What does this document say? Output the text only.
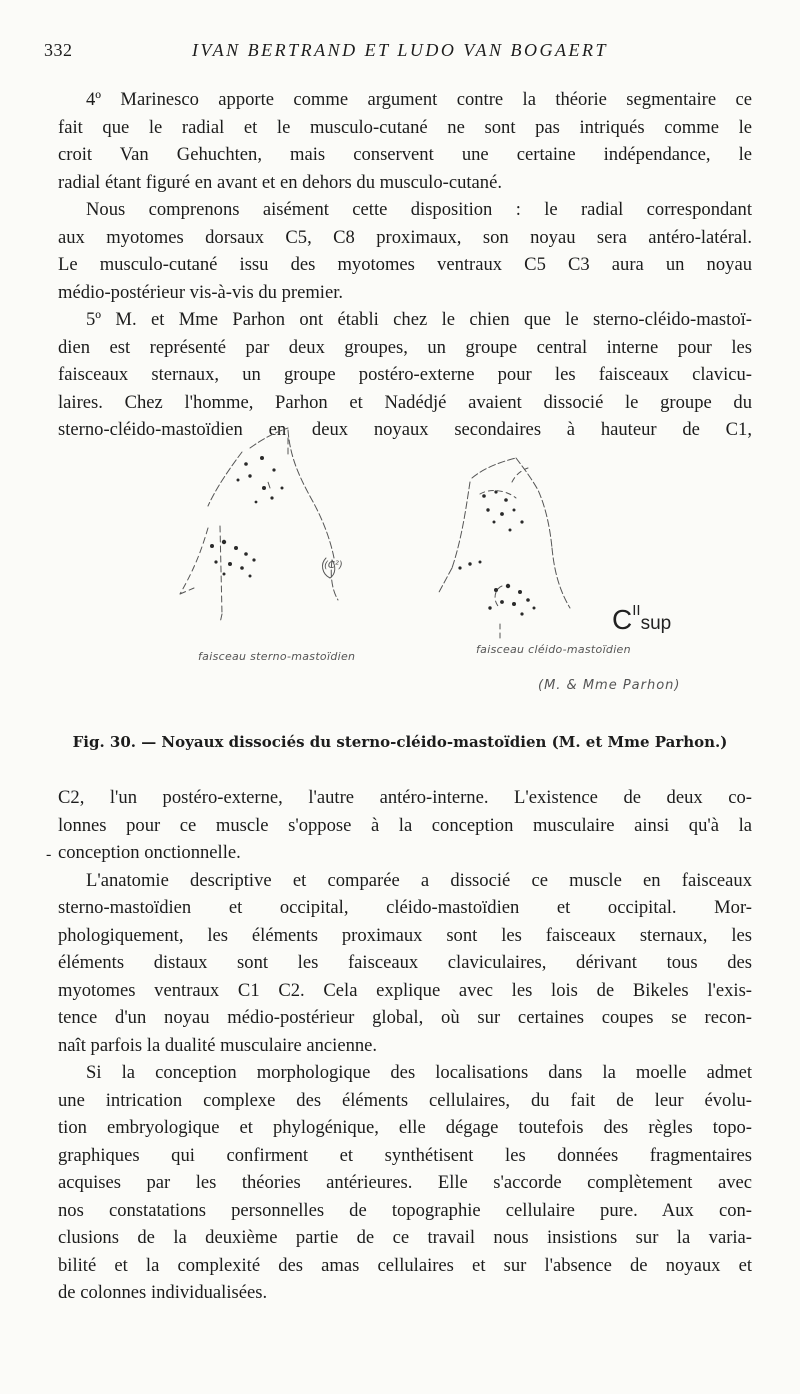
332	IVAN BERTRAND ET LUDO VAN BOGAERT
4º Marinesco apporte comme argument contre la théorie segmentaire ce
fait que le radial et le musculo-cutané ne sont pas intriqués comme le
croit Van Gehuchten, mais conservent une certaine indépendance, le
radial étant figuré en avant et en dehors du musculo-cutané.
Nous comprenons aisément cette disposition : le radial correspondant
aux myotomes dorsaux C5, C8 proximaux, son noyau sera antéro-latéral.
Le musculo-cutané issu des myotomes ventraux C5 C3 aura un noyau
médio-postérieur vis-à-vis du premier.
5º M. et Mme Parhon ont établi chez le chien que le sterno-cléido-mastoï-
dien est représenté par deux groupes, un groupe central interne pour les
faisceaux sternaux, un groupe postéro-externe pour les faisceaux clavicu-
laires. Chez l'homme, Parhon et Nadédjé avaient dissocié le groupe du
sterno-cléido-mastoïdien en deux noyaux secondaires à hauteur de C1,
(C²)
faisceau sterno-mastoïdien
faisceau cléido-mastoïdien
(M. & Mme Parhon)
$C^{II}sup$
Fig. 30. — Noyaux dissociés du sterno-cléido-mastoïdien (M. et Mme Parhon.)
-
C2, l'un postéro-externe, l'autre antéro-interne. L'existence de deux co-
lonnes pour ce muscle s'oppose à la conception musculaire ainsi qu'à la
conception onctionnelle.
L'anatomie descriptive et comparée a dissocié ce muscle en faisceaux
sterno-mastoïdien et occipital, cléido-mastoïdien et occipital. Mor-
phologiquement, les éléments proximaux sont les faisceaux sternaux, les
éléments distaux sont les faisceaux claviculaires, dérivant tous des
myotomes ventraux C1 C2. Cela explique avec les lois de Bikeles l'exis-
tence d'un noyau médio-postérieur global, où sur certaines coupes se recon-
naît parfois la dualité musculaire ancienne.
Si la conception morphologique des localisations dans la moelle admet
une intrication complexe des éléments cellulaires, du fait de leur évolu-
tion embryologique et phylogénique, elle dégage toutefois des règles topo-
graphiques qui confirment et synthétisent les données fragmentaires
acquises par les théories antérieures. Elle s'accorde complètement avec
nos constatations personnelles de topographie cellulaire pure. Aux con-
clusions de la deuxième partie de ce travail nous insistions sur la varia-
bilité et la complexité des amas cellulaires et sur l'absence de noyaux et
de colonnes individualisées.
